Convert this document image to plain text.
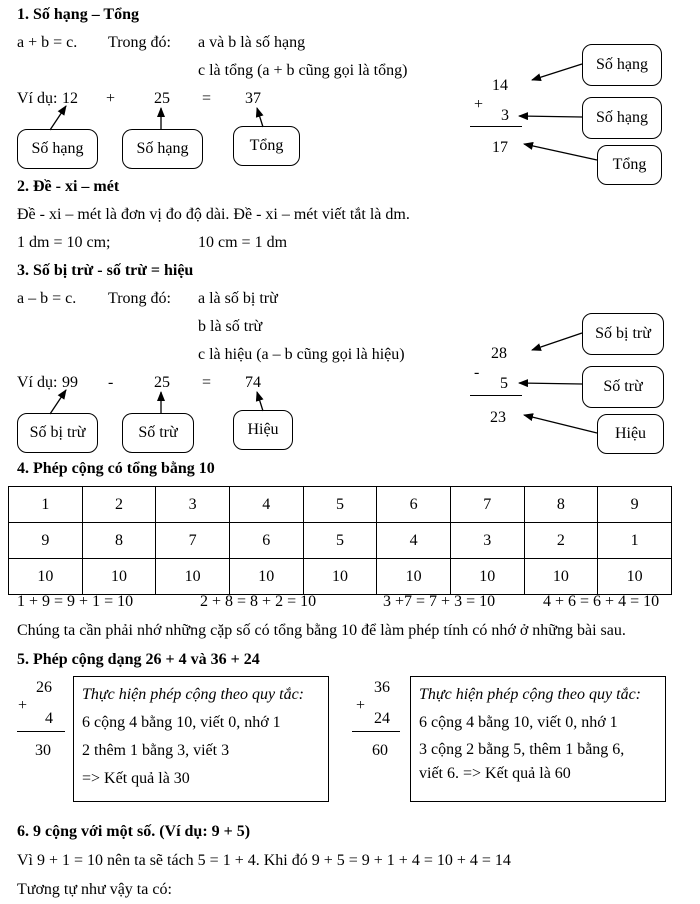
1. Số hạng – Tổng
a + b = c. Trong đó: a và b là số hạng
c là tổng (a + b cũng gọi là tổng)
Ví dụ: 12 + 25 = 37
Số hạng	Số hạng	Tổng
14
+
3
17
Số hạng
Số hạng
Tổng
2. Đề - xi – mét
Đề - xi – mét là đơn vị đo độ dài. Đề - xi – mét viết tắt là dm.
1 dm = 10 cm;	10 cm = 1 dm
3. Số bị trừ - số trừ = hiệu
a – b = c. Trong đó: a là số bị trừ
b là số trừ
c là hiệu (a – b cũng gọi là hiệu)
Ví dụ: 99 -	25 = 74
Số bị trừ	Số trừ	Hiệu
28
-
5
23
Số bị trừ
Số trừ
Hiệu
4. Phép cộng có tổng bằng 10
1	2	3	4	5	6	7	8	9
9	8	7	6	5	4	3	2	1
10	10	10	10	10	10	10	10	10
1 + 9 = 9 + 1 = 10	2 + 8 = 8 + 2 = 10	3 +7 = 7 + 3 = 10	4 + 6 = 6 + 4 = 10
Chúng ta cần phải nhớ những cặp số có tổng bằng 10 để làm phép tính có nhớ ở những bài sau.
5. Phép cộng dạng 26 + 4 và 36 + 24
26
+
4
30
Thực hiện phép cộng theo quy tắc:
6 cộng 4 bằng 10, viết 0, nhớ 1
2 thêm 1 bằng 3, viết 3
=> Kết quả là 30
36
+
24
60
Thực hiện phép cộng theo quy tắc:
6 cộng 4 bằng 10, viết 0, nhớ 1
3 cộng 2 bằng 5, thêm 1 bằng 6,
viết 6. => Kết quả là 60
6. 9 cộng với một số. (Ví dụ: 9 + 5)
Vì 9 + 1 = 10 nên ta sẽ tách 5 = 1 + 4. Khi đó 9 + 5 = 9 + 1 + 4 = 10 + 4 = 14
Tương tự như vậy ta có:
